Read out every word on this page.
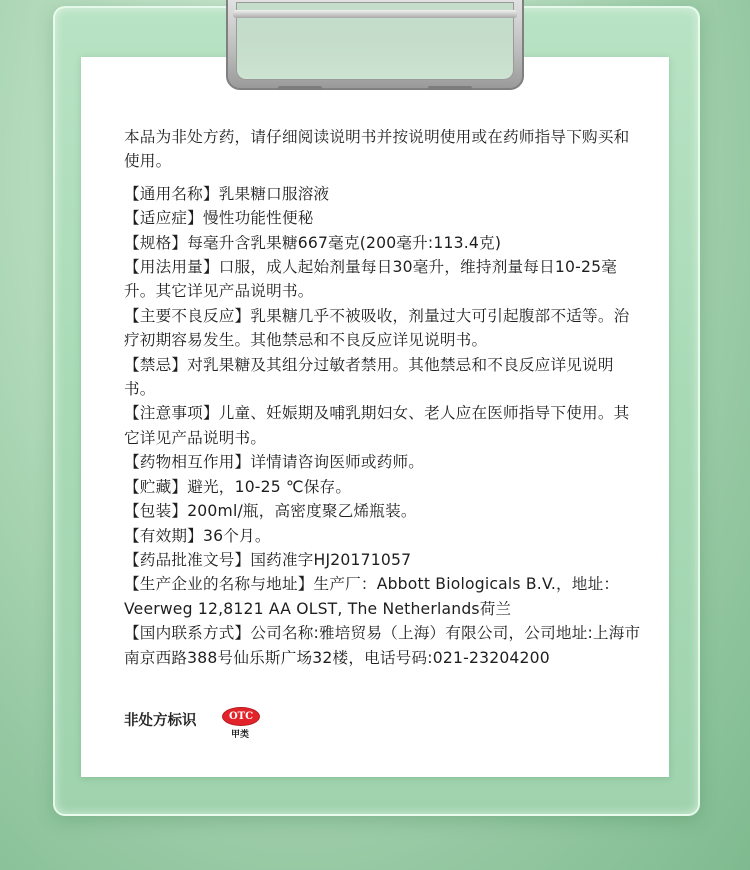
本品为非处方药，请仔细阅读说明书并按说明使用或在药师指导下购买和使用。

【通用名称】乳果糖口服溶液

【适应症】慢性功能性便秘

【规格】每毫升含乳果糖667毫克(200毫升:113.4克)

【用法用量】口服，成人起始剂量每日30毫升，维持剂量每日10-25毫升。其它详见产品说明书。

【主要不良反应】乳果糖几乎不被吸收，剂量过大可引起腹部不适等。治疗初期容易发生。其他禁忌和不良反应详见说明书。

【禁忌】对乳果糖及其组分过敏者禁用。其他禁忌和不良反应详见说明书。

【注意事项】儿童、妊娠期及哺乳期妇女、老人应在医师指导下使用。其它详见产品说明书。

【药物相互作用】详情请咨询医师或药师。

【贮藏】避光，10-25 ℃保存。

【包装】200ml/瓶，高密度聚乙烯瓶装。

【有效期】36个月。

【药品批准文号】国药准字HJ20171057

【生产企业的名称与地址】生产厂：Abbott Biologicals B.V.，地址：Veerweg 12,8121 AA OLST, The Netherlands荷兰

【国内联系方式】公司名称:雅培贸易（上海）有限公司，公司地址:上海市南京西路388号仙乐斯广场32楼，电话号码:021-23204200

非处方标识	OTC
甲类
